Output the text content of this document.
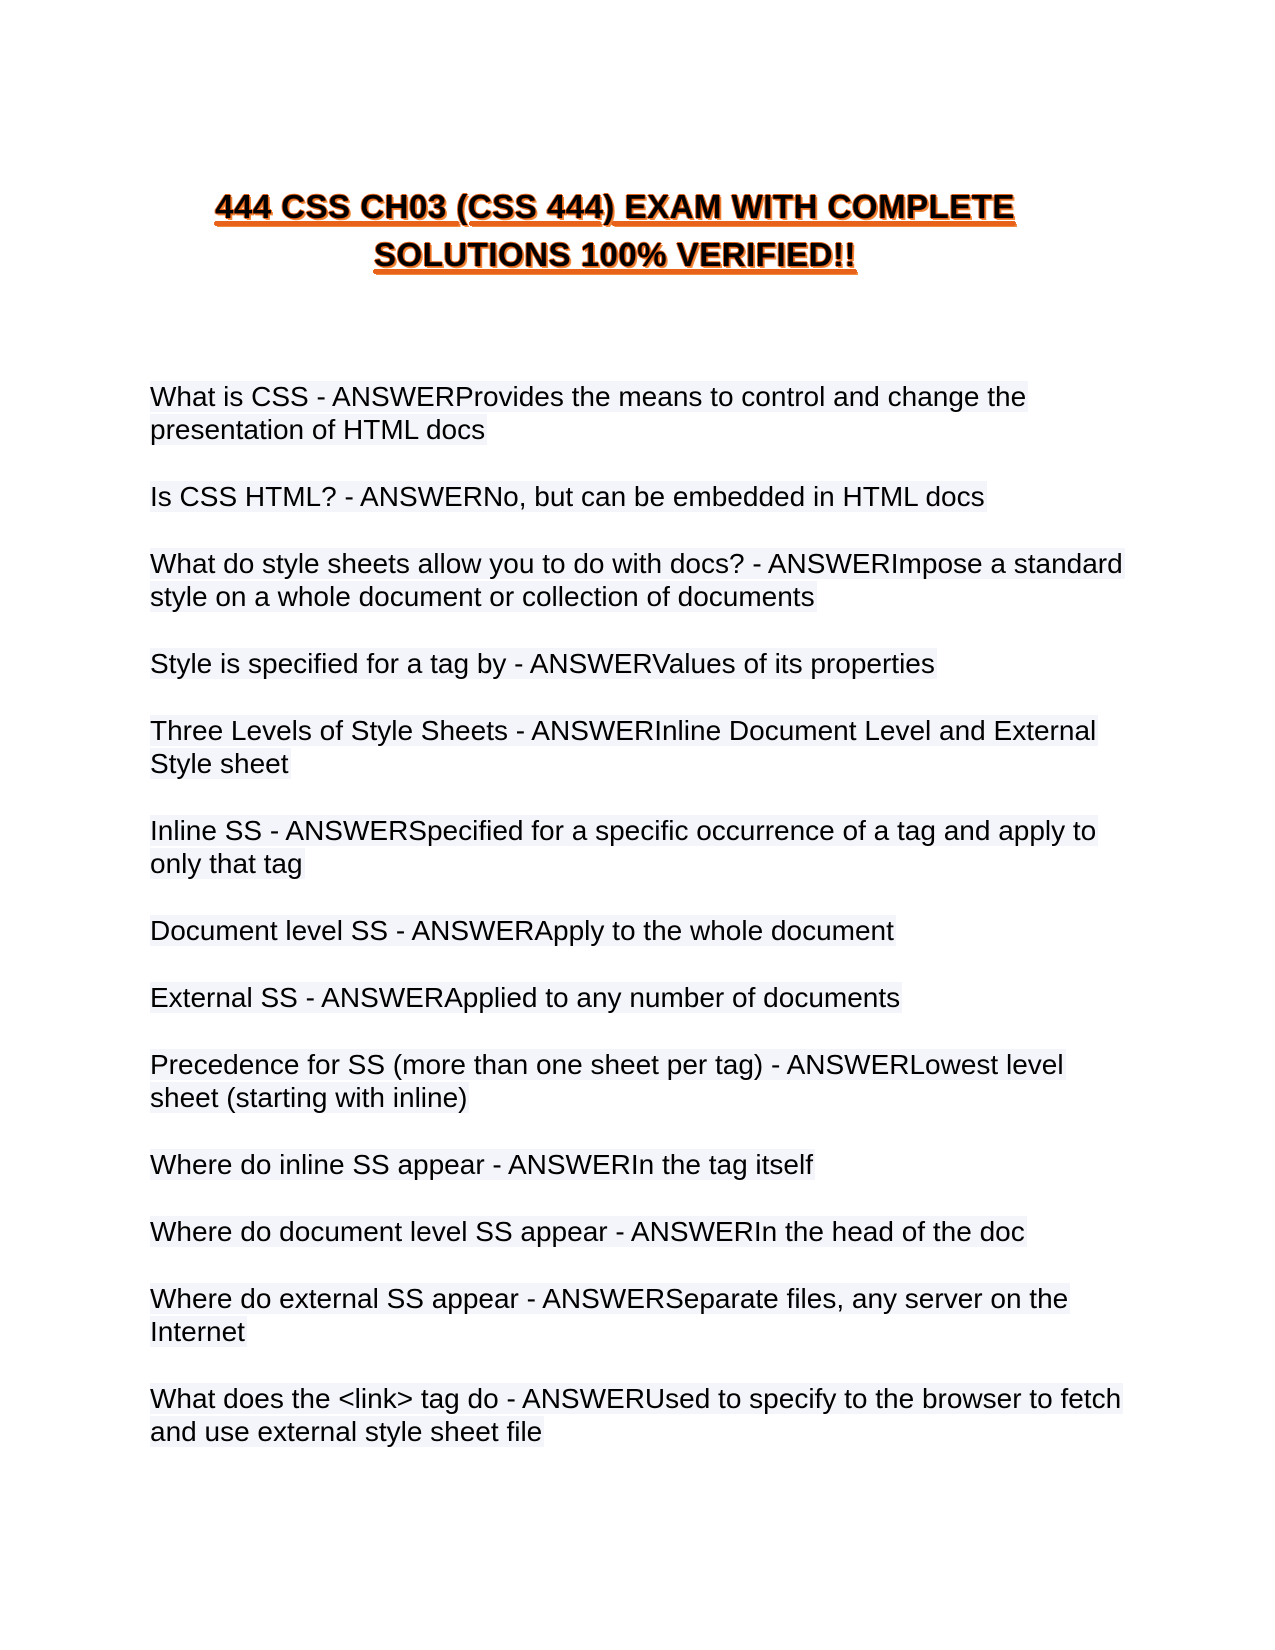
444 CSS CH03 (CSS 444) EXAM WITH COMPLETE
SOLUTIONS 100% VERIFIED!!

What is CSS - ANSWERProvides the means to control and change the presentation of HTML docs

Is CSS HTML? - ANSWERNo, but can be embedded in HTML docs

What do style sheets allow you to do with docs? - ANSWERImpose a standard style on a whole document or collection of documents

Style is specified for a tag by - ANSWERValues of its properties

Three Levels of Style Sheets - ANSWERInline Document Level and External Style sheet

Inline SS - ANSWERSpecified for a specific occurrence of a tag and apply to only that tag

Document level SS - ANSWERApply to the whole document

External SS - ANSWERApplied to any number of documents

Precedence for SS (more than one sheet per tag) - ANSWERLowest level sheet (starting with inline)

Where do inline SS appear - ANSWERIn the tag itself

Where do document level SS appear - ANSWERIn the head of the doc

Where do external SS appear - ANSWERSeparate files, any server on the Internet

What does the <link> tag do - ANSWERUsed to specify to the browser to fetch and use external style sheet file
